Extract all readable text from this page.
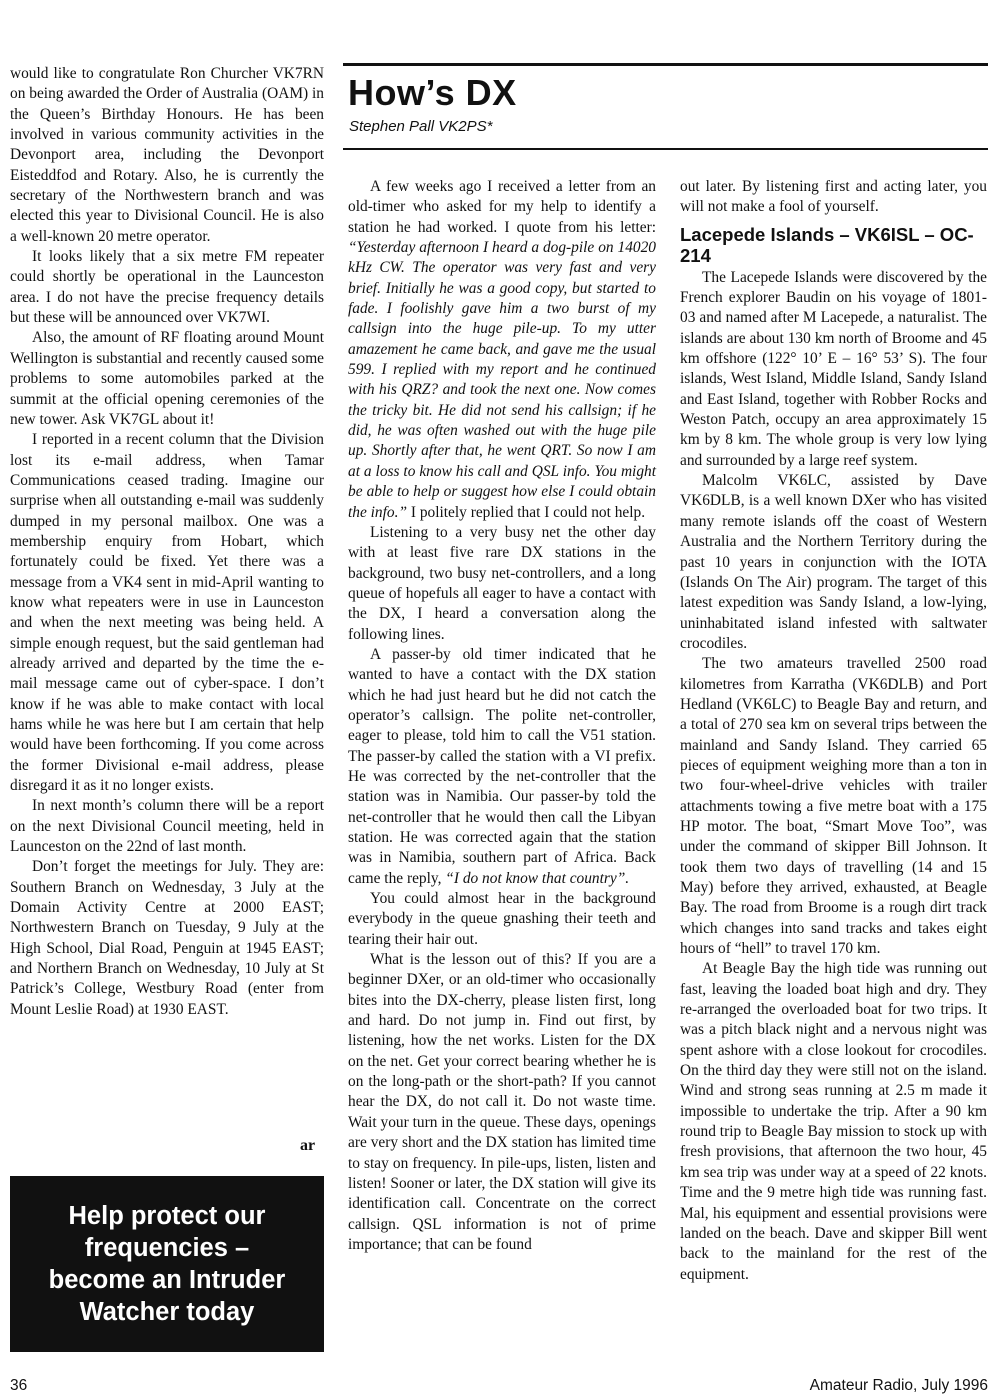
would like to congratulate Ron Churcher VK7RN on being awarded the Order of Australia (OAM) in the Queen’s Birthday Honours. He has been involved in various community activities in the Devonport area, including the Devonport Eisteddfod and Rotary. Also, he is currently the secretary of the Northwestern branch and was elected this year to Divisional Council. He is also a well-known 20 metre operator.

It looks likely that a six metre FM repeater could shortly be operational in the Launceston area. I do not have the precise frequency details but these will be announced over VK7WI.

Also, the amount of RF floating around Mount Wellington is substantial and recently caused some problems to some automobiles parked at the summit at the official opening ceremonies of the new tower. Ask VK7GL about it!

I reported in a recent column that the Division lost its e-mail address, when Tamar Communications ceased trading. Imagine our surprise when all outstanding e-mail was suddenly dumped in my personal mailbox. One was a membership enquiry from Hobart, which fortunately could be fixed. Yet there was a message from a VK4 sent in mid-April wanting to know what repeaters were in use in Launceston and when the next meeting was being held. A simple enough request, but the said gentleman had already arrived and departed by the time the e-mail message came out of cyber-space. I don’t know if he was able to make contact with local hams while he was here but I am certain that help would have been forthcoming. If you come across the former Divisional e-mail address, please disregard it as it no longer exists.

In next month’s column there will be a report on the next Divisional Council meeting, held in Launceston on the 22nd of last month.

Don’t forget the meetings for July. They are: Southern Branch on Wednesday, 3 July at the Domain Activity Centre at 2000 EAST; Northwestern Branch on Tuesday, 9 July at the High School, Dial Road, Penguin at 1945 EAST; and Northern Branch on Wednesday, 10 July at St Patrick’s College, Westbury Road (enter from Mount Leslie Road) at 1930 EAST.

ar
Help protect our
frequencies –
become an Intruder
Watcher today
How’s DX
Stephen Pall VK2PS*

A few weeks ago I received a letter from an old-timer who asked for my help to identify a station he had worked. I quote from his letter: “Yesterday afternoon I heard a dog-pile on 14020 kHz CW. The operator was very fast and very brief. Initially he was a good copy, but started to fade. I foolishly gave him a two burst of my callsign into the huge pile-up. To my utter amazement he came back, and gave me the usual 599. I replied with my report and he continued with his QRZ? and took the next one. Now comes the tricky bit. He did not send his callsign; if he did, he was often washed out with the huge pile up. Shortly after that, he went QRT. So now I am at a loss to know his call and QSL info. You might be able to help or suggest how else I could obtain the info.” I politely replied that I could not help.

Listening to a very busy net the other day with at least five rare DX stations in the background, two busy net-controllers, and a long queue of hopefuls all eager to have a contact with the DX, I heard a conversation along the following lines.

A passer-by old timer indicated that he wanted to have a contact with the DX station which he had just heard but he did not catch the operator’s callsign. The polite net-controller, eager to please, told him to call the V51 station. The passer-by called the station with a VI prefix. He was corrected by the net-controller that the station was in Namibia. Our passer-by told the net-controller that he would then call the Libyan station. He was corrected again that the station was in Namibia, southern part of Africa. Back came the reply, “I do not know that country”.

You could almost hear in the background everybody in the queue gnashing their teeth and tearing their hair out.

What is the lesson out of this? If you are a beginner DXer, or an old-timer who occasionally bites into the DX-cherry, please listen first, long and hard. Do not jump in. Find out first, by listening, how the net works. Listen for the DX on the net. Get your correct bearing whether he is on the long-path or the short-path? If you cannot hear the DX, do not call it. Do not waste time. Wait your turn in the queue. These days, openings are very short and the DX station has limited time to stay on frequency. In pile-ups, listen, listen and listen! Sooner or later, the DX station will give its identification call. Concentrate on the correct callsign. QSL information is not of prime importance; that can be found

out later. By listening first and acting later, you will not make a fool of yourself.

Lacepede Islands – VK6ISL – OC-214

The Lacepede Islands were discovered by the French explorer Baudin on his voyage of 1801-03 and named after M Lacepede, a naturalist. The islands are about 130 km north of Broome and 45 km offshore (122° 10’ E – 16° 53’ S). The four islands, West Island, Middle Island, Sandy Island and East Island, together with Robber Rocks and Weston Patch, occupy an area approximately 15 km by 8 km. The whole group is very low lying and surrounded by a large reef system.

Malcolm VK6LC, assisted by Dave VK6DLB, is a well known DXer who has visited many remote islands off the coast of Western Australia and the Northern Territory during the past 10 years in conjunction with the IOTA (Islands On The Air) program. The target of this latest expedition was Sandy Island, a low-lying, uninhabitated island infested with saltwater crocodiles.

The two amateurs travelled 2500 road kilometres from Karratha (VK6DLB) and Port Hedland (VK6LC) to Beagle Bay and return, and a total of 270 sea km on several trips between the mainland and Sandy Island. They carried 65 pieces of equipment weighing more than a ton in two four-wheel-drive vehicles with trailer attachments towing a five metre boat with a 175 HP motor. The boat, “Smart Move Too”, was under the command of skipper Bill Johnson. It took them two days of travelling (14 and 15 May) before they arrived, exhausted, at Beagle Bay. The road from Broome is a rough dirt track which changes into sand tracks and takes eight hours of “hell” to travel 170 km.

At Beagle Bay the high tide was running out fast, leaving the loaded boat high and dry. They re-arranged the overloaded boat for two trips. It was a pitch black night and a nervous night was spent ashore with a close lookout for crocodiles. On the third day they were still not on the island. Wind and strong seas running at 2.5 m made it impossible to undertake the trip. After a 90 km round trip to Beagle Bay mission to stock up with fresh provisions, that afternoon the two hour, 45 km sea trip was under way at a speed of 22 knots. Time and the 9 metre high tide was running fast. Mal, his equipment and essential provisions were landed on the beach. Dave and skipper Bill went back to the mainland for the rest of the equipment.

36	Amateur Radio, July 1996
